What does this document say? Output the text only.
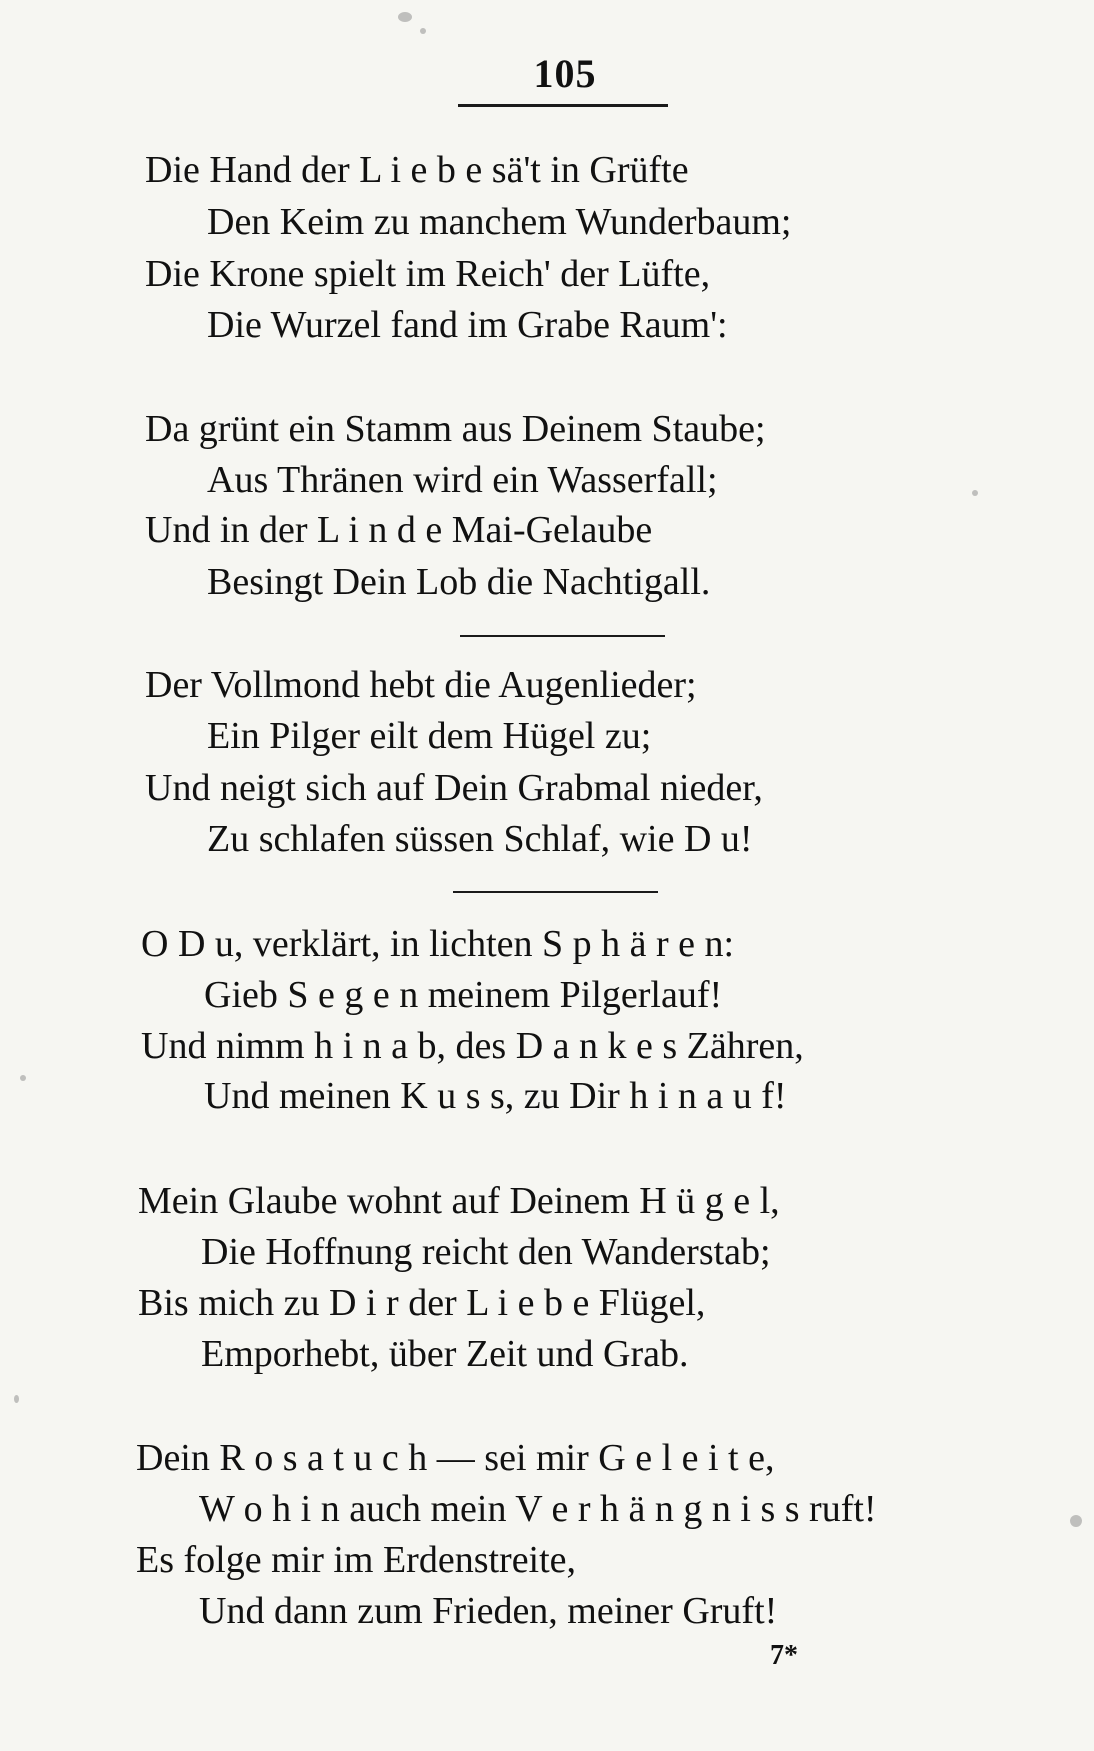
105
Die Hand der L i e b e sä't in Grüfte
Den Keim zu manchem Wunderbaum;
Die Krone spielt im Reich' der Lüfte,
Die Wurzel fand im Grabe Raum':
Da grünt ein Stamm aus Deinem Staube;
Aus Thränen wird ein Wasserfall;
Und in der L i n d e Mai-Gelaube
Besingt Dein Lob die Nachtigall.
Der Vollmond hebt die Augenlieder;
Ein Pilger eilt dem Hügel zu;
Und neigt sich auf Dein Grabmal nieder,
Zu schlafen süssen Schlaf, wie D u!
O D u, verklärt, in lichten S p h ä r e n:
Gieb S e g e n meinem Pilgerlauf!
Und nimm h i n a b, des D a n k e s Zähren,
Und meinen K u s s, zu Dir h i n a u f!
Mein Glaube wohnt auf Deinem H ü g e l,
Die Hoffnung reicht den Wanderstab;
Bis mich zu D i r der L i e b e Flügel,
Emporhebt, über Zeit und Grab.
Dein R o s a t u c h — sei mir G e l e i t e,
W o h i n auch mein V e r h ä n g n i s s ruft!
Es folge mir im Erdenstreite,
Und dann zum Frieden, meiner Gruft!
7*
